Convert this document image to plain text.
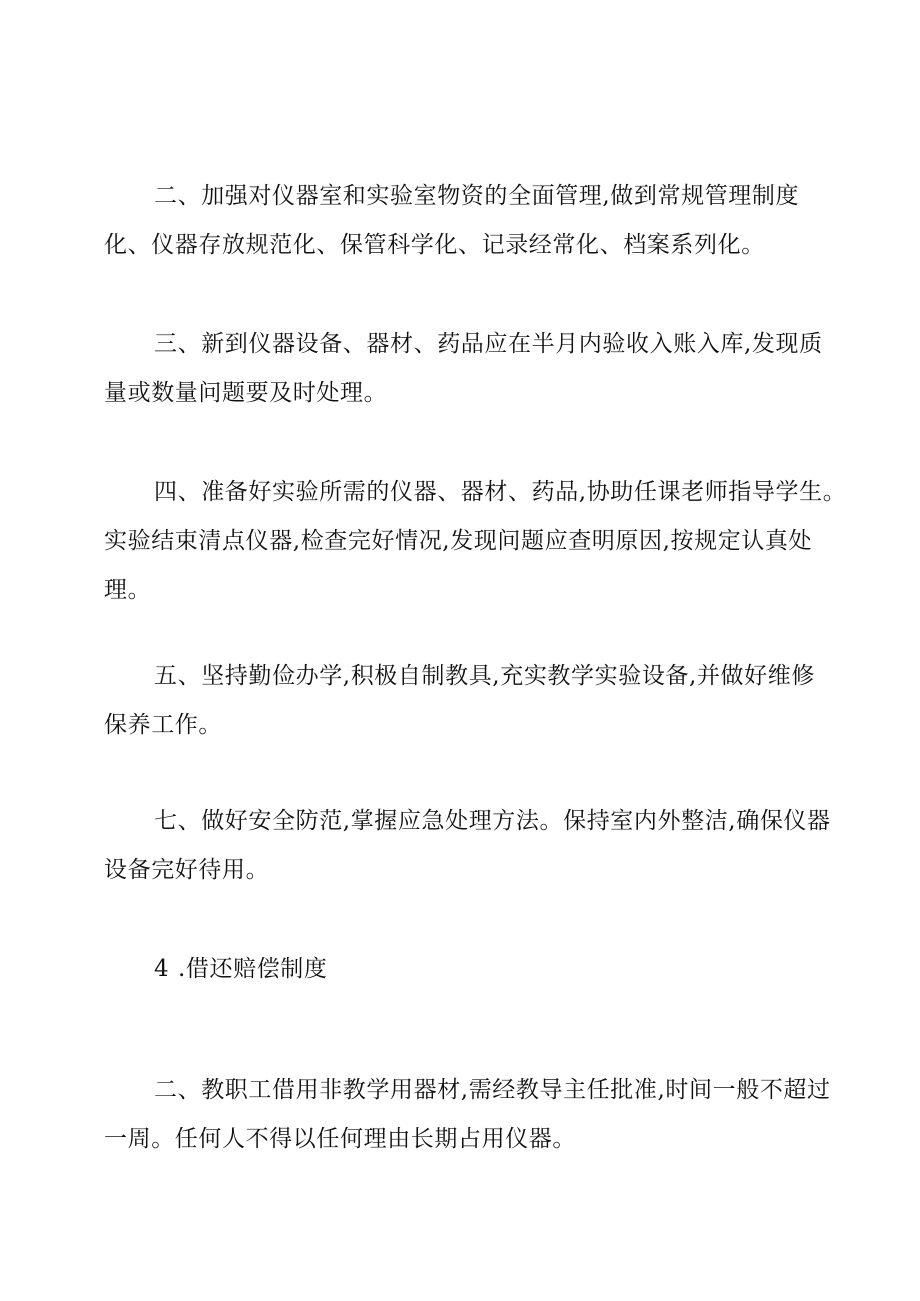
二、加强对仪器室和实验室物资的全面管理,做到常规管理制度
化、仪器存放规范化、保管科学化、记录经常化、档案系列化。

三、新到仪器设备、器材、药品应在半月内验收入账入库,发现质
量或数量问题要及时处理。

四、准备好实验所需的仪器、器材、药品,协助任课老师指导学生。
实验结束清点仪器,检查完好情况,发现问题应查明原因,按规定认真处
理。

五、坚持勤俭办学,积极自制教具,充实教学实验设备,并做好维修
保养工作。

七、做好安全防范,掌握应急处理方法。保持室内外整洁,确保仪器
设备完好待用。

4 .借还赔偿制度

二、教职工借用非教学用器材,需经教导主任批准,时间一般不超过
一周。任何人不得以任何理由长期占用仪器。
